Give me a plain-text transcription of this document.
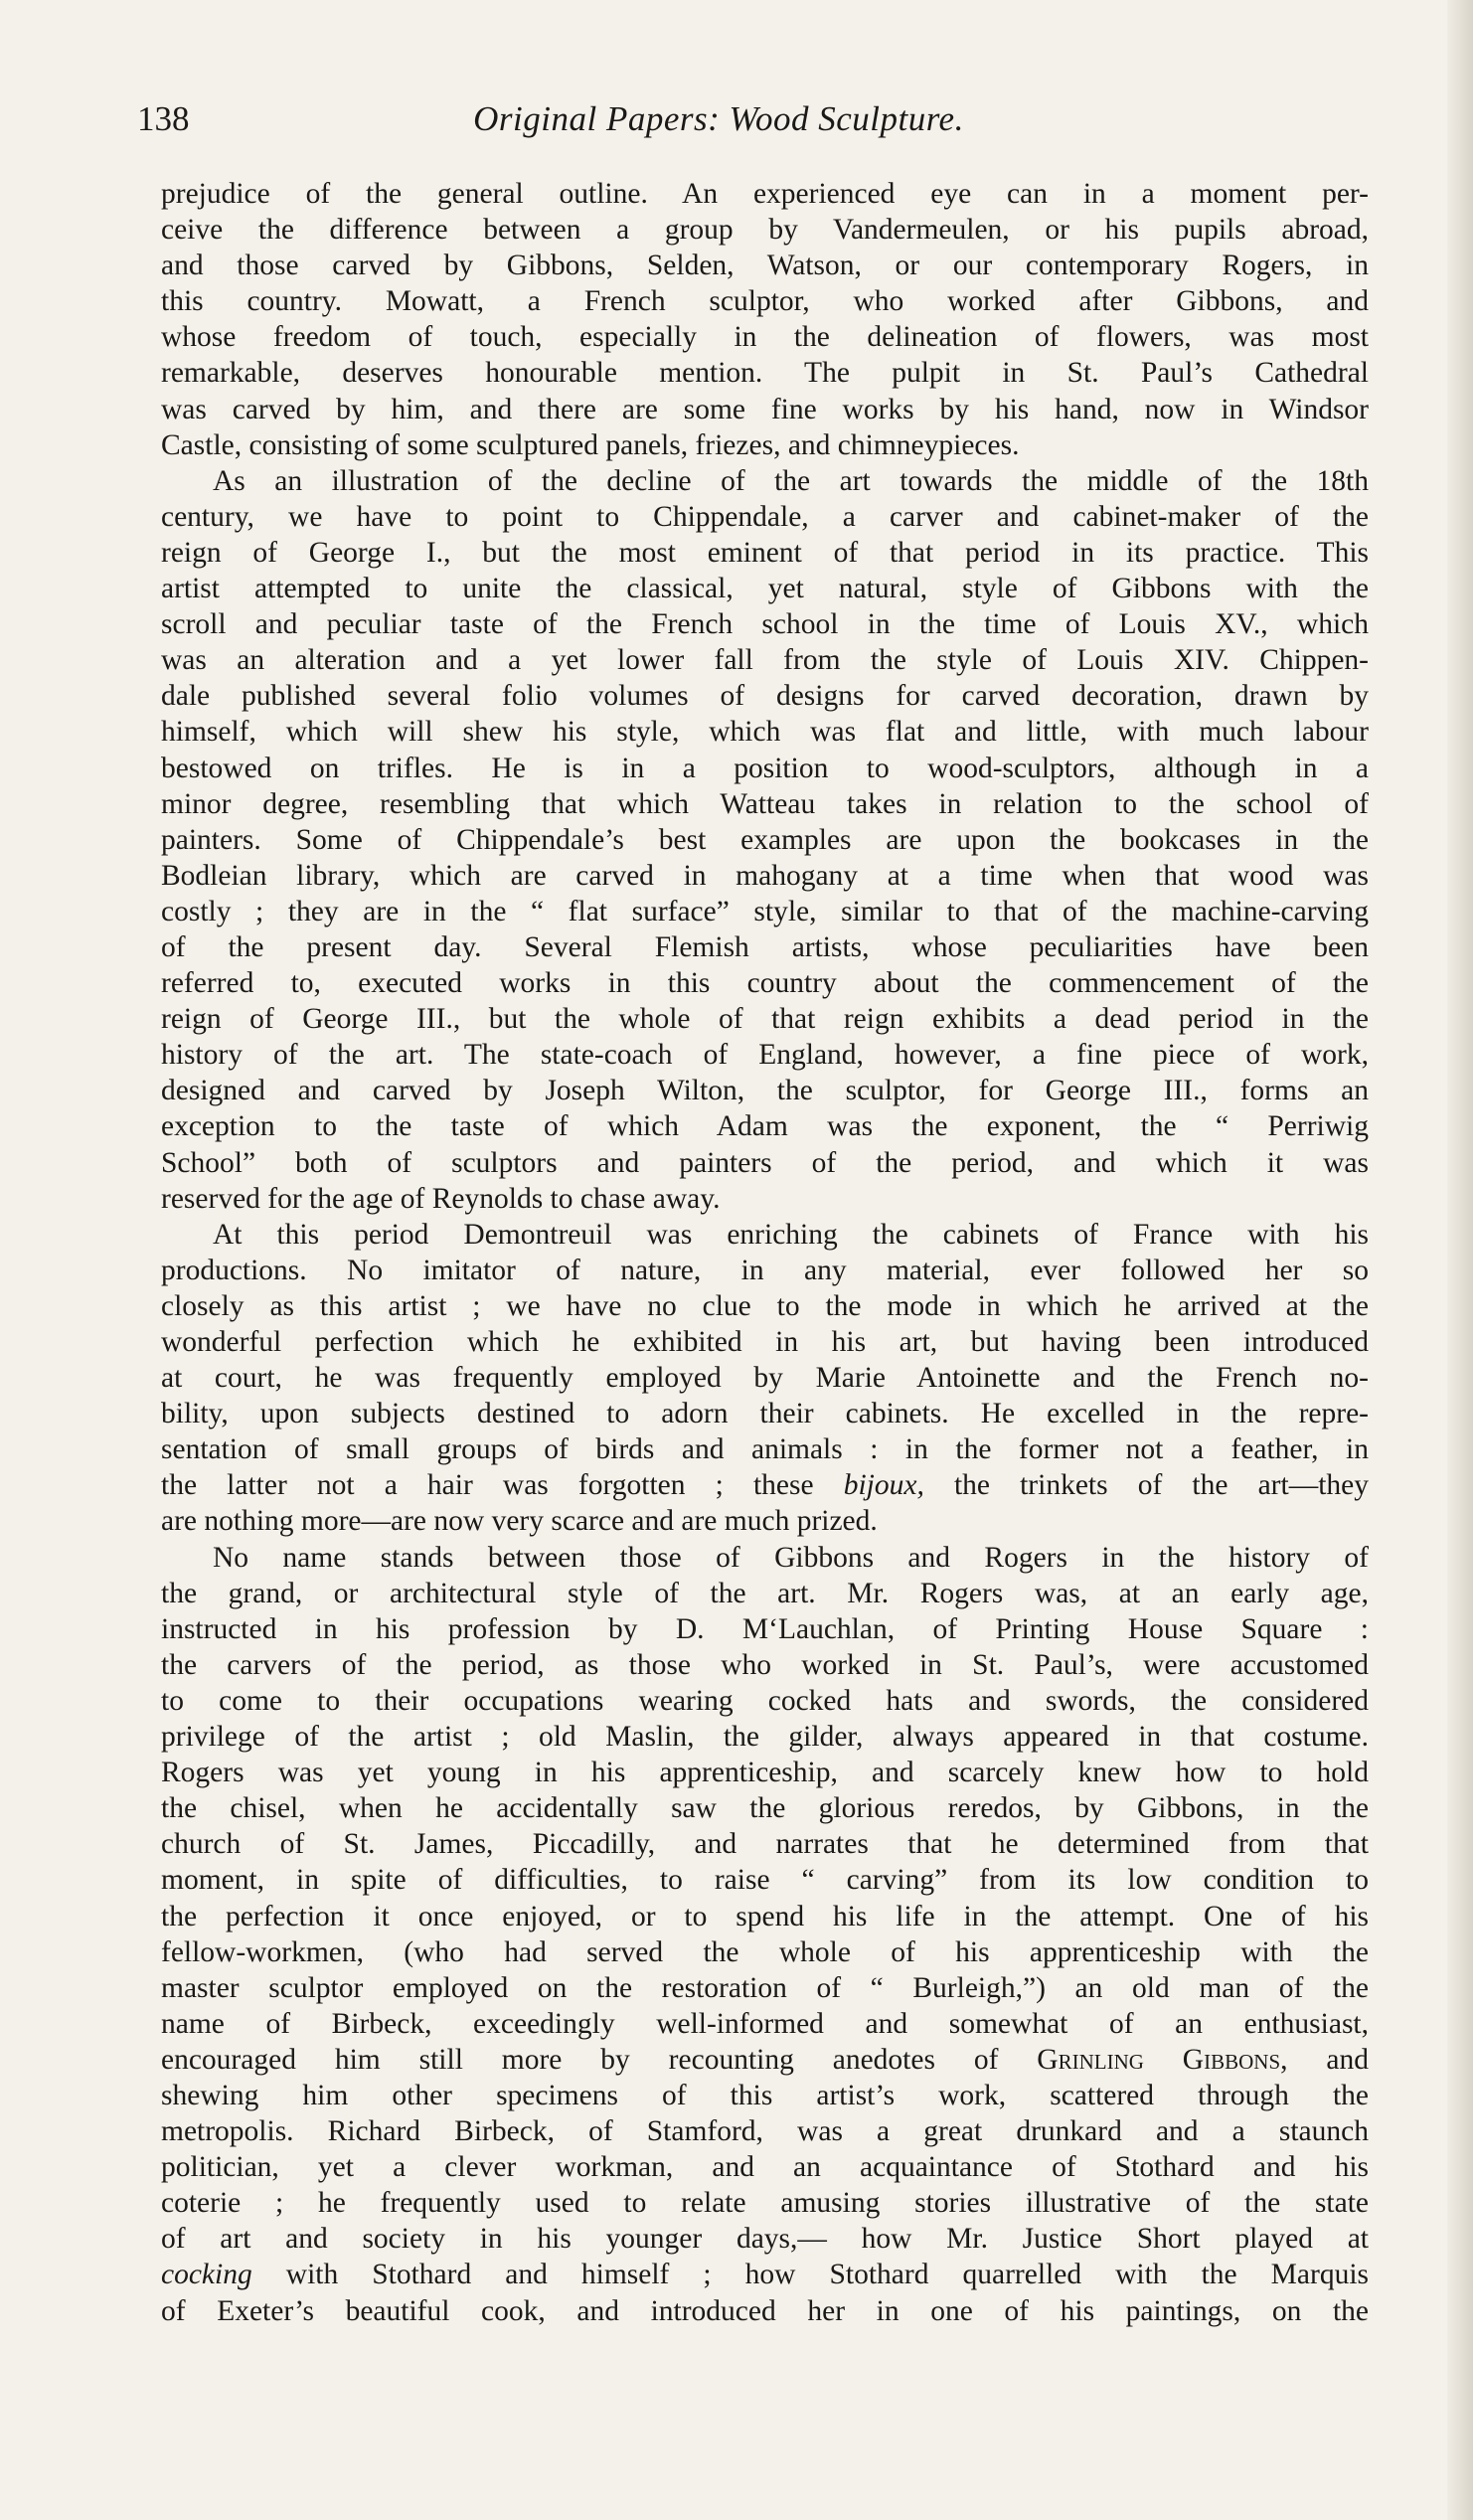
138	Original Papers: Wood Sculpture.
prejudice of the general outline. An experienced eye can in a moment per-
ceive the difference between a group by Vandermeulen, or his pupils abroad,
and those carved by Gibbons, Selden, Watson, or our contemporary Rogers, in
this country. Mowatt, a French sculptor, who worked after Gibbons, and
whose freedom of touch, especially in the delineation of flowers, was most
remarkable, deserves honourable mention. The pulpit in St. Paul’s Cathedral
was carved by him, and there are some fine works by his hand, now in Windsor
Castle, consisting of some sculptured panels, friezes, and chimneypieces.
As an illustration of the decline of the art towards the middle of the 18th
century, we have to point to Chippendale, a carver and cabinet-maker of the
reign of George I., but the most eminent of that period in its practice. This
artist attempted to unite the classical, yet natural, style of Gibbons with the
scroll and peculiar taste of the French school in the time of Louis XV., which
was an alteration and a yet lower fall from the style of Louis XIV. Chippen-
dale published several folio volumes of designs for carved decoration, drawn by
himself, which will shew his style, which was flat and little, with much labour
bestowed on trifles. He is in a position to wood-sculptors, although in a
minor degree, resembling that which Watteau takes in relation to the school of
painters. Some of Chippendale’s best examples are upon the bookcases in the
Bodleian library, which are carved in mahogany at a time when that wood was
costly ; they are in the “ flat surface” style, similar to that of the machine-carving
of the present day. Several Flemish artists, whose peculiarities have been
referred to, executed works in this country about the commencement of the
reign of George III., but the whole of that reign exhibits a dead period in the
history of the art. The state-coach of England, however, a fine piece of work,
designed and carved by Joseph Wilton, the sculptor, for George III., forms an
exception to the taste of which Adam was the exponent, the “ Perriwig
School” both of sculptors and painters of the period, and which it was
reserved for the age of Reynolds to chase away.
At this period Demontreuil was enriching the cabinets of France with his
productions. No imitator of nature, in any material, ever followed her so
closely as this artist ; we have no clue to the mode in which he arrived at the
wonderful perfection which he exhibited in his art, but having been introduced
at court, he was frequently employed by Marie Antoinette and the French no-
bility, upon subjects destined to adorn their cabinets. He excelled in the repre-
sentation of small groups of birds and animals : in the former not a feather, in
the latter not a hair was forgotten ; these bijoux, the trinkets of the art—they
are nothing more—are now very scarce and are much prized.
No name stands between those of Gibbons and Rogers in the history of
the grand, or architectural style of the art. Mr. Rogers was, at an early age,
instructed in his profession by D. M‘Lauchlan, of Printing House Square :
the carvers of the period, as those who worked in St. Paul’s, were accustomed
to come to their occupations wearing cocked hats and swords, the considered
privilege of the artist ; old Maslin, the gilder, always appeared in that costume.
Rogers was yet young in his apprenticeship, and scarcely knew how to hold
the chisel, when he accidentally saw the glorious reredos, by Gibbons, in the
church of St. James, Piccadilly, and narrates that he determined from that
moment, in spite of difficulties, to raise “ carving” from its low condition to
the perfection it once enjoyed, or to spend his life in the attempt. One of his
fellow-workmen, (who had served the whole of his apprenticeship with the
master sculptor employed on the restoration of “ Burleigh,”) an old man of the
name of Birbeck, exceedingly well-informed and somewhat of an enthusiast,
encouraged him still more by recounting anedotes of Grinling Gibbons, and
shewing him other specimens of this artist’s work, scattered through the
metropolis. Richard Birbeck, of Stamford, was a great drunkard and a staunch
politician, yet a clever workman, and an acquaintance of Stothard and his
coterie ; he frequently used to relate amusing stories illustrative of the state
of art and society in his younger days,— how Mr. Justice Short played at
cocking with Stothard and himself ; how Stothard quarrelled with the Marquis
of Exeter’s beautiful cook, and introduced her in one of his paintings, on the
